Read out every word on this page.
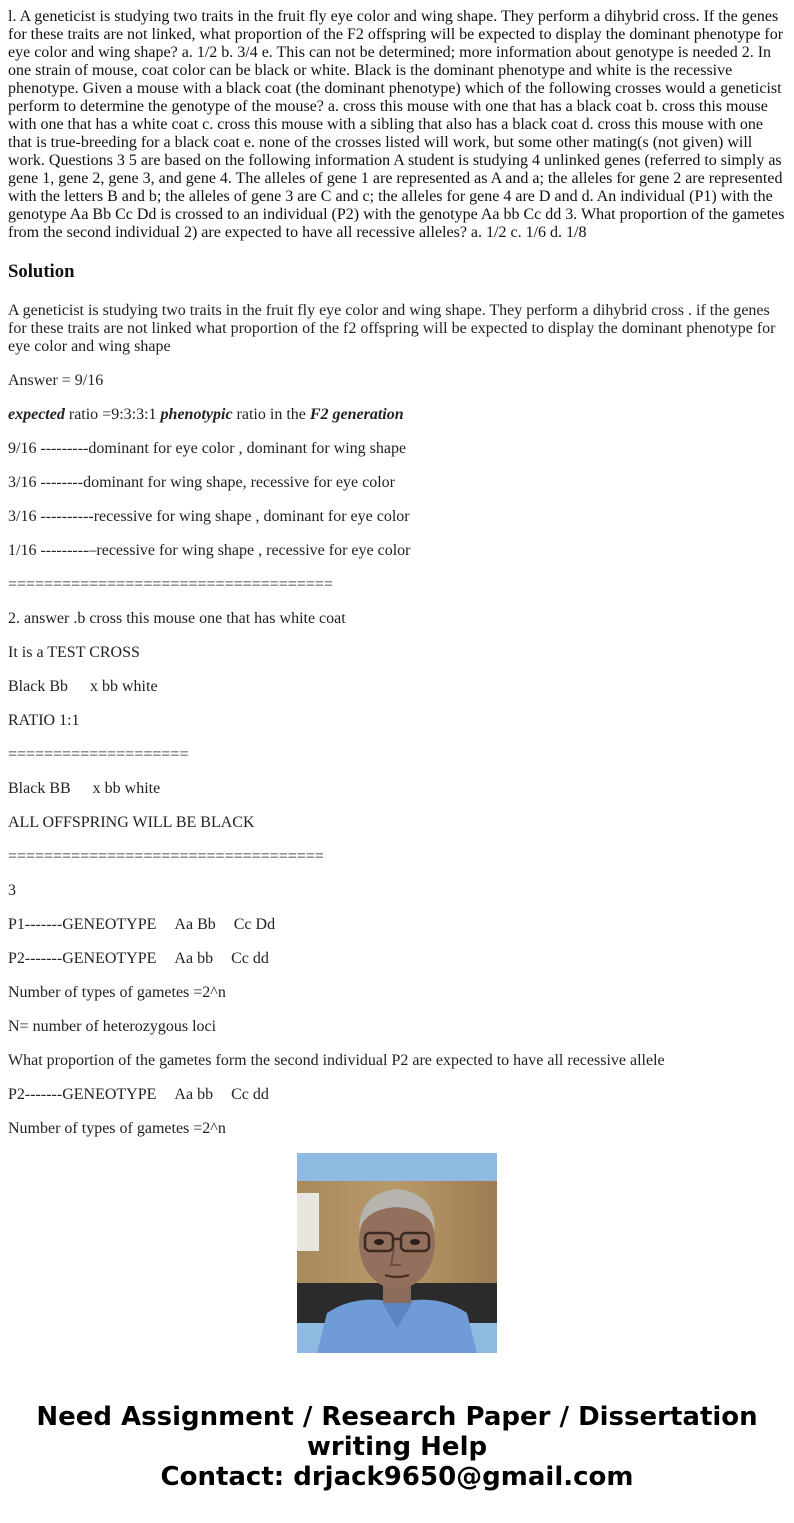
l. A geneticist is studying two traits in the fruit fly eye color and wing shape. They perform a dihybrid cross. If the genes for these traits are not linked, what proportion of the F2 offspring will be expected to display the dominant phenotype for eye color and wing shape? a. 1/2 b. 3/4 e. This can not be determined; more information about genotype is needed 2. In one strain of mouse, coat color can be black or white. Black is the dominant phenotype and white is the recessive phenotype. Given a mouse with a black coat (the dominant phenotype) which of the following crosses would a geneticist perform to determine the genotype of the mouse? a. cross this mouse with one that has a black coat b. cross this mouse with one that has a white coat c. cross this mouse with a sibling that also has a black coat d. cross this mouse with one that is true-breeding for a black coat e. none of the crosses listed will work, but some other mating(s (not given) will work. Questions 3 5 are based on the following information A student is studying 4 unlinked genes (referred to simply as gene 1, gene 2, gene 3, and gene 4. The alleles of gene 1 are represented as A and a; the alleles for gene 2 are represented with the letters B and b; the alleles of gene 3 are C and c; the alleles for gene 4 are D and d. An individual (P1) with the genotype Aa Bb Cc Dd is crossed to an individual (P2) with the genotype Aa bb Cc dd 3. What proportion of the gametes from the second individual 2) are expected to have all recessive alleles? a. 1/2 c. 1/6 d. 1/8

Solution

A geneticist is studying two traits in the fruit fly eye color and wing shape. They perform a dihybrid cross . if the genes for these traits are not linked what proportion of the f2 offspring will be expected to display the dominant phenotype for eye color and wing shape

Answer = 9/16

expected ratio =9:3:3:1 phenotypic ratio in the F2 generation

9/16 ---------dominant for eye color , dominant for wing shape

3/16 --------dominant for wing shape, recessive for eye color

3/16 ----------recessive for wing shape , dominant for eye color

1/16 ---------–recessive for wing shape , recessive for eye color

====================================

2. answer .b cross this mouse one that has white coat

It is a TEST CROSS

Black Bb x bb white

RATIO 1:1

====================

Black BB x bb white

ALL OFFSPRING WILL BE BLACK

===================================

3

P1-------GENEOTYPE Aa Bb Cc Dd

P2-------GENEOTYPE Aa bb Cc dd

Number of types of gametes =2^n

N= number of heterozygous loci

What proportion of the gametes form the second individual P2 are expected to have all recessive allele

P2-------GENEOTYPE Aa bb Cc dd

Number of types of gametes =2^n

Need Assignment / Research Paper / Dissertation
writing Help
Contact: drjack9650@gmail.com
